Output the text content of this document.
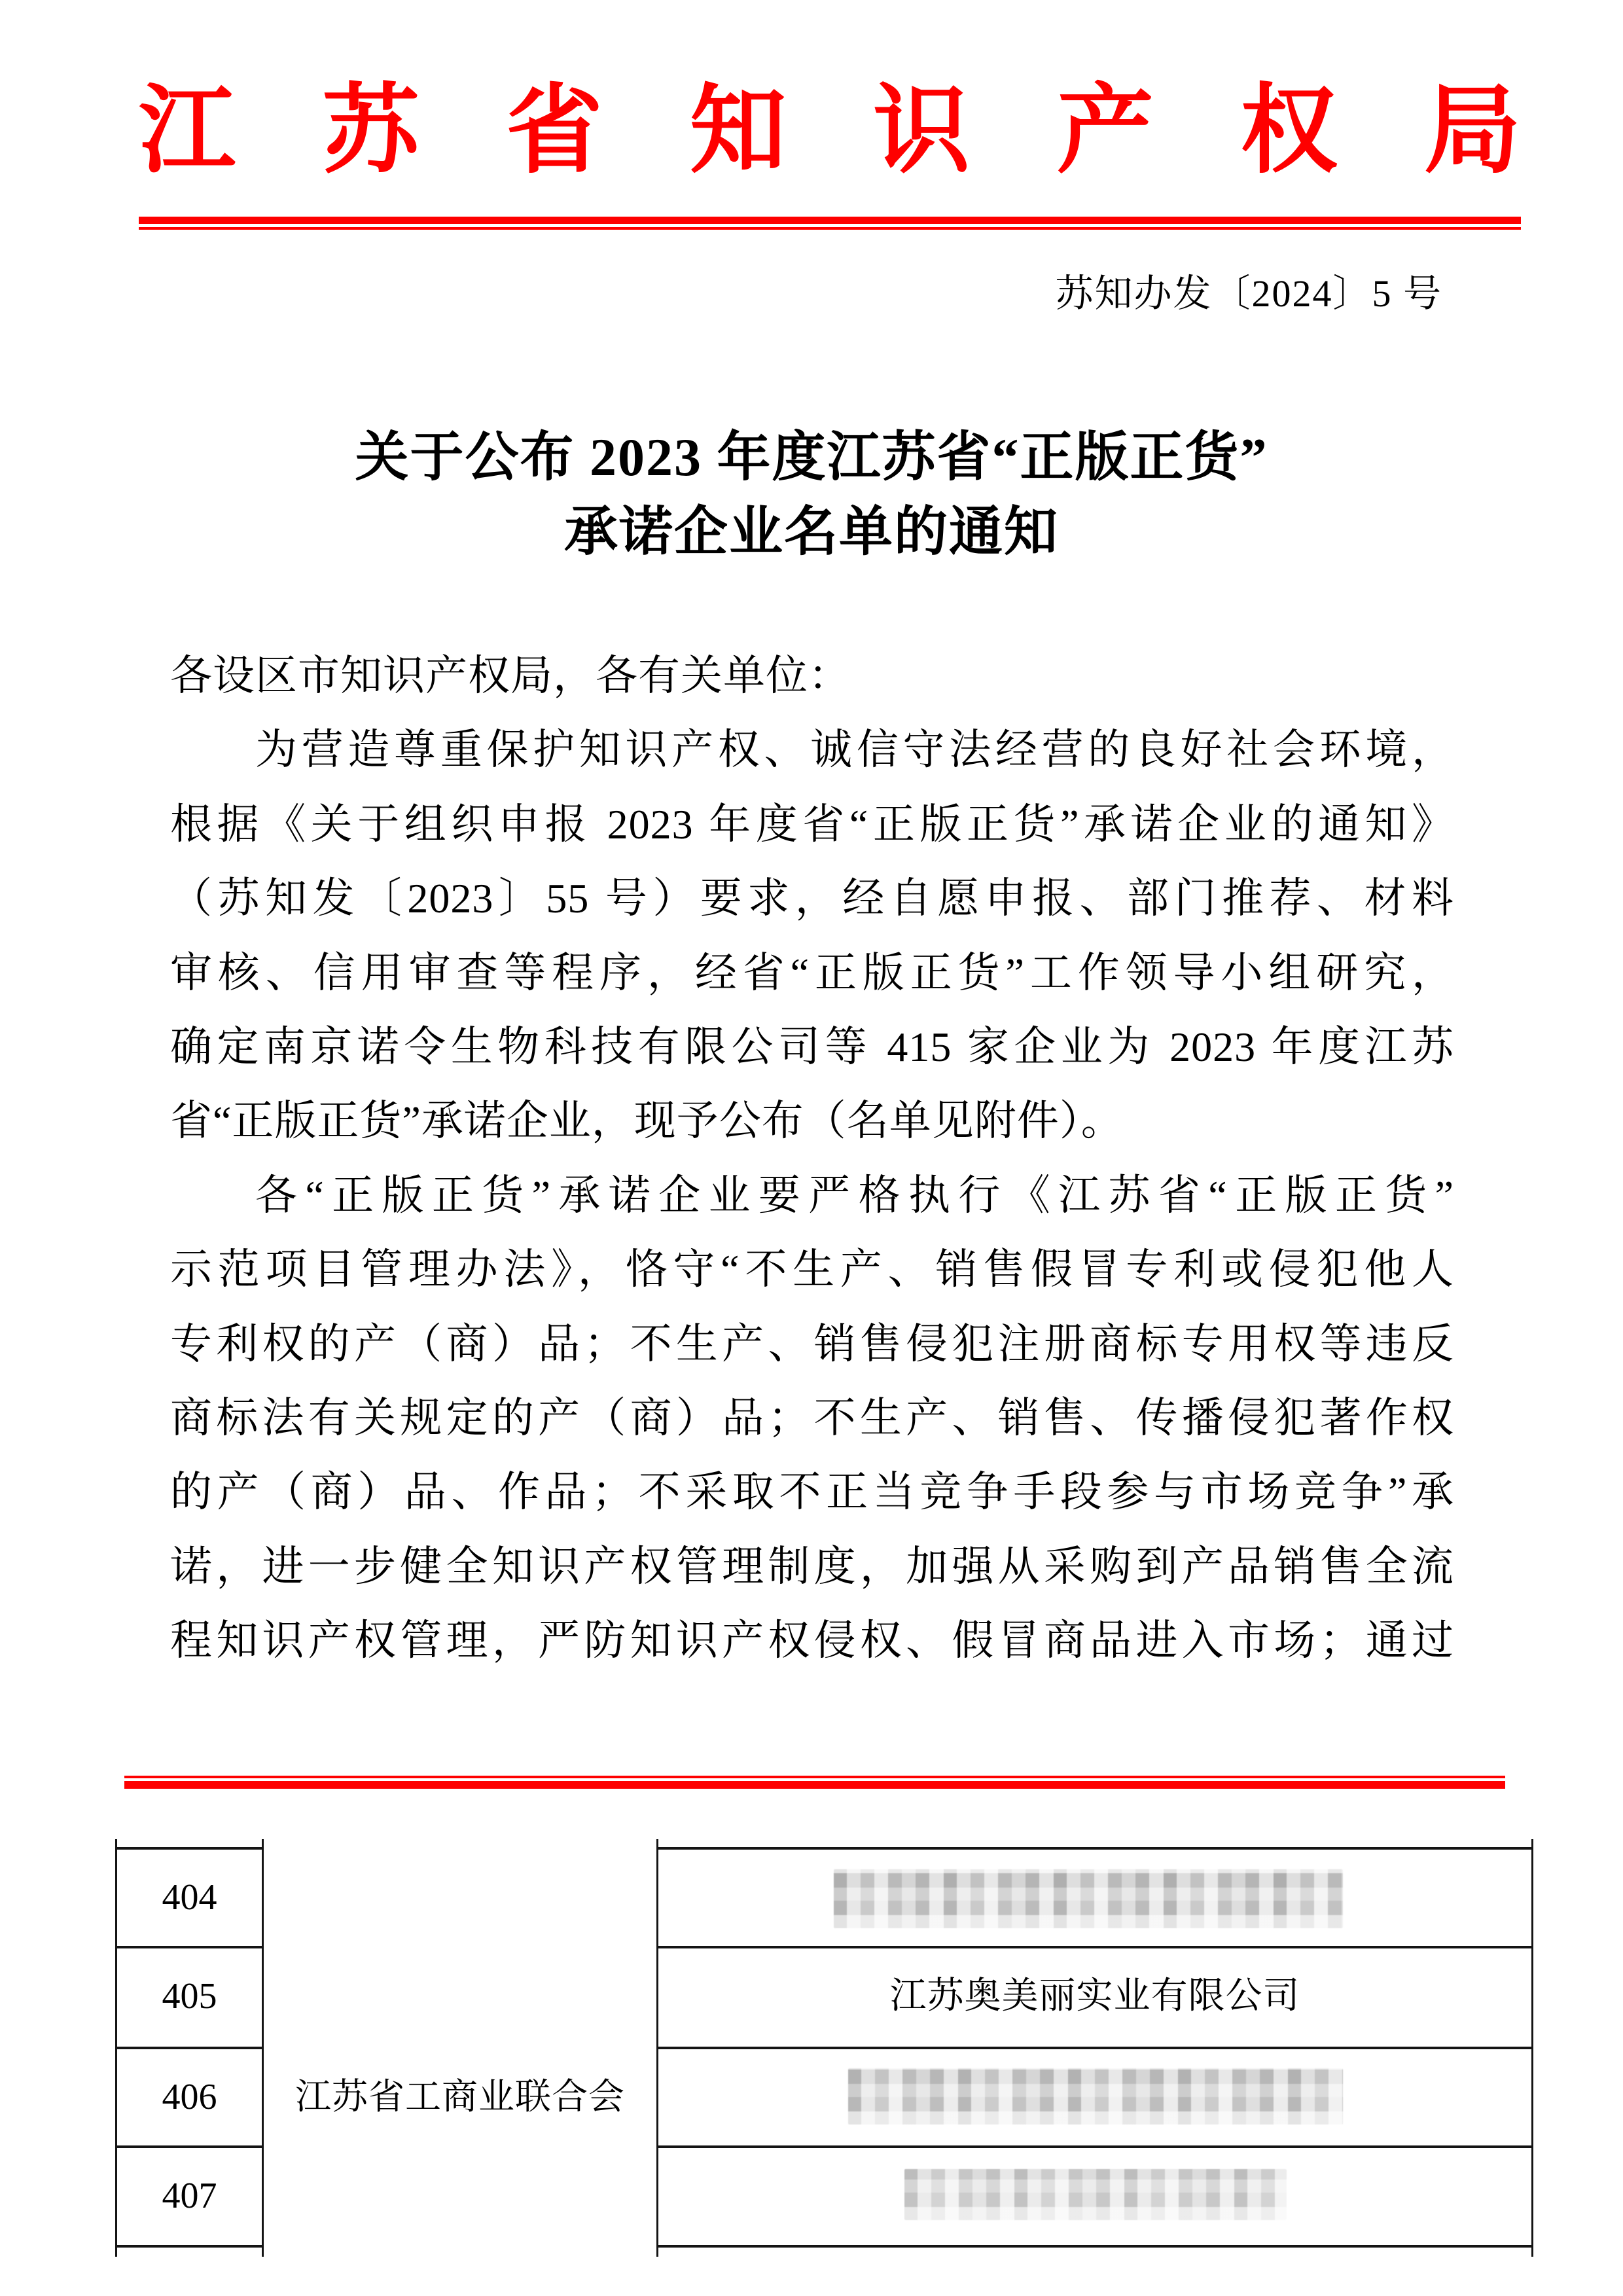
江 苏 省 知 识 产 权 局
苏知办发〔2024〕5 号
关于公布 2023 年度江苏省“正版正货”
承诺企业名单的通知
各设区市知识产权局，各有关单位：
为营造尊重保护知识产权、诚信守法经营的良好社会环境，
根据《关于组织申报 2023 年度省“正版正货”承诺企业的通知》
（苏知发〔2023〕55 号）要求，经自愿申报、部门推荐、材料
审核、信用审查等程序，经省“正版正货”工作领导小组研究，
确定南京诺令生物科技有限公司等 415 家企业为 2023 年度江苏
省“正版正货”承诺企业，现予公布（名单见附件）。
各“正版正货”承诺企业要严格执行《江苏省“正版正货”
示范项目管理办法》，恪守“不生产、销售假冒专利或侵犯他人
专利权的产（商）品；不生产、销售侵犯注册商标专用权等违反
商标法有关规定的产（商）品；不生产、销售、传播侵犯著作权
的产（商）品、作品；不采取不正当竞争手段参与市场竞争”承
诺，进一步健全知识产权管理制度，加强从采购到产品销售全流
程知识产权管理，严防知识产权侵权、假冒商品进入市场；通过
404
405
406
407
江苏省工商业联合会
江苏奥美丽实业有限公司
